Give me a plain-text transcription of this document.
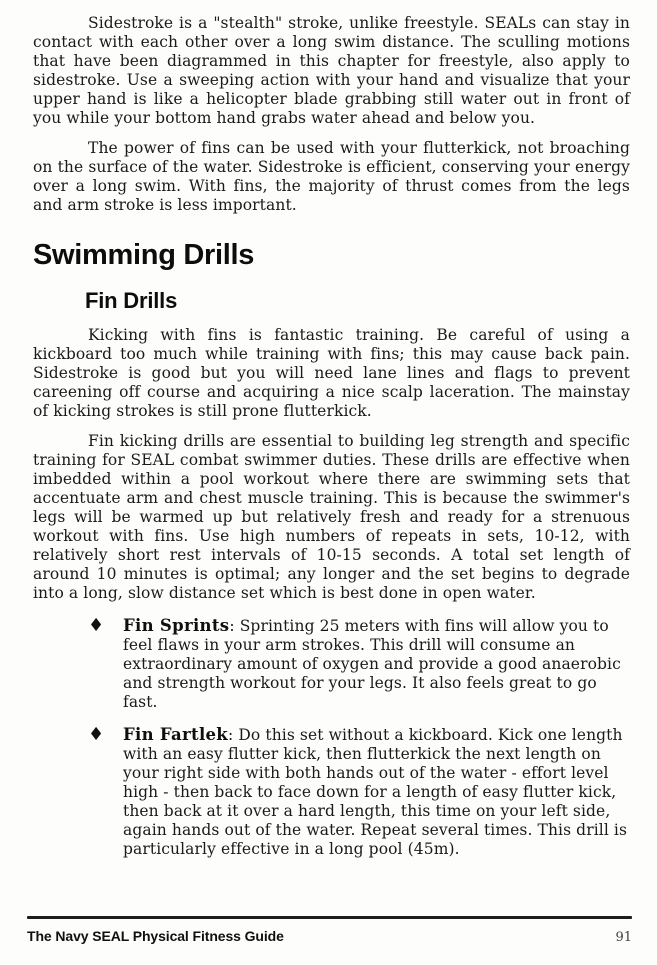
Sidestroke is a "stealth" stroke, unlike freestyle. SEALs can stay in contact with each other over a long swim distance. The sculling motions that have been diagrammed in this chapter for freestyle, also apply to sidestroke. Use a sweeping action with your hand and visualize that your upper hand is like a helicopter blade grabbing still water out in front of you while your bottom hand grabs water ahead and below you.

The power of fins can be used with your flutterkick, not broaching on the surface of the water. Sidestroke is efficient, conserving your energy over a long swim. With fins, the majority of thrust comes from the legs and arm stroke is less important.

Swimming Drills
Fin Drills

Kicking with fins is fantastic training. Be careful of using a kickboard too much while training with fins; this may cause back pain. Sidestroke is good but you will need lane lines and flags to prevent careening off course and acquiring a nice scalp laceration. The mainstay of kicking strokes is still prone flutterkick.

Fin kicking drills are essential to building leg strength and specific training for SEAL combat swimmer duties. These drills are effective when imbedded within a pool workout where there are swimming sets that accentuate arm and chest muscle training. This is because the swimmer's legs will be warmed up but relatively fresh and ready for a strenuous workout with fins. Use high numbers of repeats in sets, 10-12, with relatively short rest intervals of 10-15 seconds. A total set length of around 10 minutes is optimal; any longer and the set begins to degrade into a long, slow distance set which is best done in open water.

♦	Fin Sprints: Sprinting 25 meters with fins will allow you to feel flaws in your arm strokes. This drill will consume an extraordinary amount of oxygen and provide a good anaerobic and strength workout for your legs. It also feels great to go fast.
♦	Fin Fartlek: Do this set without a kickboard. Kick one length with an easy flutter kick, then flutterkick the next length on your right side with both hands out of the water - effort level high - then back to face down for a length of easy flutter kick, then back at it over a hard length, this time on your left side, again hands out of the water. Repeat several times. This drill is particularly effective in a long pool (45m).
The Navy SEAL Physical Fitness Guide	91
